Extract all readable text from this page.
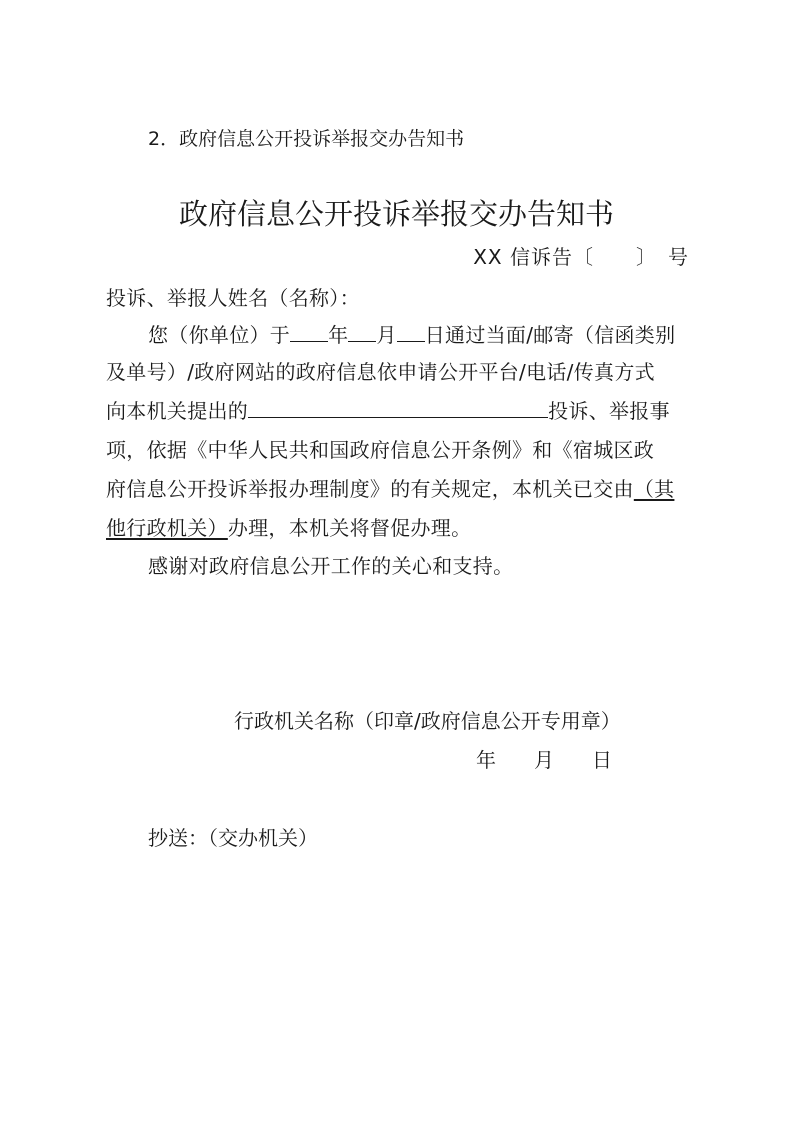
2．政府信息公开投诉举报交办告知书
政府信息公开投诉举报交办告知书
XX 信诉告〔　　〕　号
投诉、举报人姓名（名称）：
您（你单位）于 年 月 日通过当面/邮寄（信函类别
及单号）/政府网站的政府信息依申请公开平台/电话/传真方式
向本机关提出的	投诉、举报事
项，依据《中华人民共和国政府信息公开条例》和《宿城区政
府信息公开投诉举报办理制度》的有关规定，本机关已交由（其
他行政机关）办理，本机关将督促办理。
感谢对政府信息公开工作的关心和支持。
行政机关名称（印章/政府信息公开专用章）
年 月 日
抄送：（交办机关）
